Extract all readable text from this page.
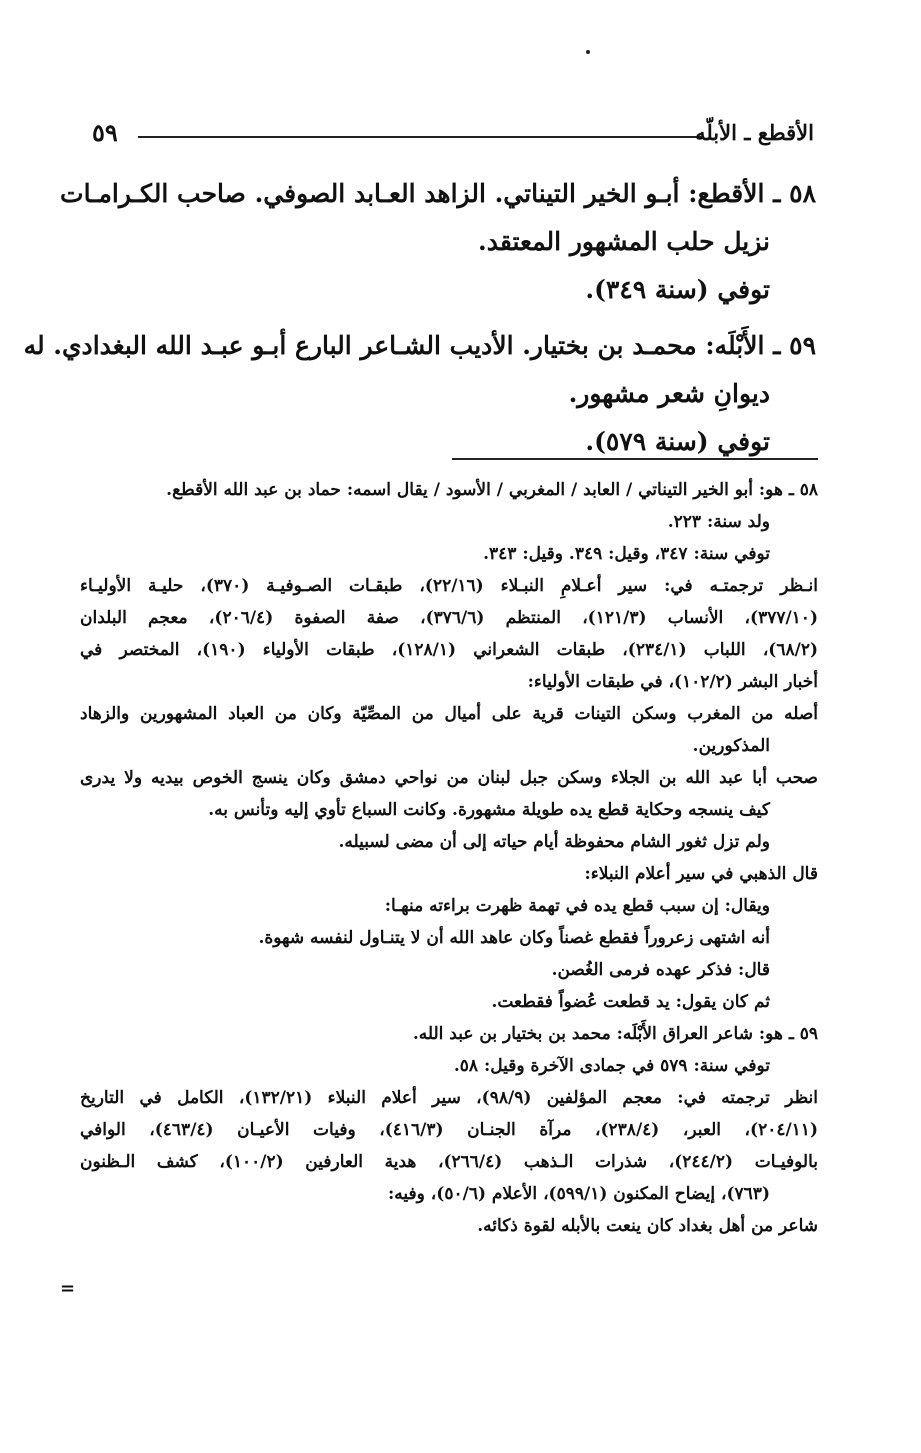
٥٩	الأقطع ـ الأبلّه
٥٨ ـ الأقطع: أبـو الخير التيناتي. الزاهد العـابد الصوفي. صاحب الكـرامـات
نزيل حلب المشهور المعتقد.
توفي (سنة ٣٤٩).
٥٩ ـ الأَبْلَه: محمـد بن بختيار. الأديب الشـاعر البارع أبـو عبـد الله البغدادي. له
ديوانِ شعر مشهور.
توفي (سنة ٥٧٩).
٥٨ ـ هو: أبو الخير التيناتي / العابد / المغربي / الأسود / يقال اسمه: حماد بن عبد الله الأقطع.
ولد سنة: ٢٢٣.
توفي سنة: ٣٤٧، وقيل: ٣٤٩. وقيل: ٣٤٣.
انـظر ترجمتـه في: سير أعـلامِ النبـلاء (٢٢/١٦)، طبقـات الصـوفيـة (٣٧٠)، حليـة الأوليـاء
(٣٧٧/١٠)، الأنساب (١٢١/٣)، المنتظم (٣٧٦/٦)، صفة الصفوة (٢٠٦/٤)، معجم البلدان
(٦٨/٢)، اللباب (٢٣٤/١)، طبقات الشعراني (١٢٨/١)، طبقات الأولياء (١٩٠)، المختصر في
أخبار البشر (١٠٢/٢)، في طبقات الأولياء:
أصله من المغرب وسكن التينات قرية على أميال من المصِّيّة وكان من العباد المشهورين والزهاد
المذكورين.
صحب أبا عبد الله بن الجلاء وسكن جبل لبنان من نواحي دمشق وكان ينسج الخوص بيديه ولا يدرى
كيف ينسجه وحكاية قطع يده طويلة مشهورة. وكانت السباع تأوي إليه وتأنس به.
ولم تزل ثغور الشام محفوظة أيام حياته إلى أن مضى لسبيله.
قال الذهبي في سير أعلام النبلاء:
ويقال: إن سبب قطع يده في تهمة ظهرت براءته منهـا:
أنه اشتهى زعروراً فقطع غصناً وكان عاهد الله أن لا يتنـاول لنفسه شهوة.
قال: فذكر عهده فرمى الغُصن.
ثم كان يقول: يد قطعت عُضواً فقطعت.
٥٩ ـ هو: شاعر العراق الأَبْلَه: محمد بن بختيار بن عبد الله.
توفي سنة: ٥٧٩ في جمادى الآخرة وقيل: ٥٨.
انظر ترجمته في: معجم المؤلفين (٩٨/٩)، سير أعلام النبلاء (١٣٢/٢١)، الكامل في التاريخ
(٢٠٤/١١)، العبر، (٢٣٨/٤)، مرآة الجنـان (٤١٦/٣)، وفيات الأعيـان (٤٦٣/٤)، الوافي
بالوفيـات (٢٤٤/٢)، شذرات الـذهب (٢٦٦/٤)، هدية العارفين (١٠٠/٢)، كشف الـظنون
(٧٦٣)، إيضاح المكنون (٥٩٩/١)، الأعلام (٥٠/٦)، وفيه:
شاعر من أهل بغداد كان ينعت بالأبله لقوة ذكائه.
=
